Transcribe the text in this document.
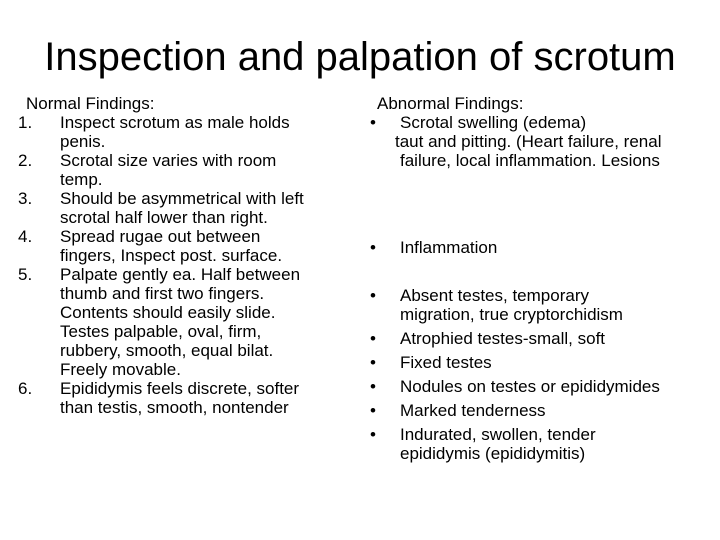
Inspection and palpation of scrotum
Normal Findings:
1. Inspect scrotum as male holds
penis.
2. Scrotal size varies with room
temp.
3. Should be asymmetrical with left
scrotal half lower than right.
4. Spread rugae out between
fingers, Inspect post. surface.
5. Palpate gently ea. Half between
thumb and first two fingers.
Contents should easily slide.
Testes palpable, oval, firm,
rubbery, smooth, equal bilat.
Freely movable.
6. Epididymis feels discrete, softer
than testis, smooth, nontender
Abnormal Findings:
• Scrotal swelling (edema)
taut and pitting. (Heart failure, renal
failure, local inflammation. Lesions
• Inflammation
• Absent testes, temporary
migration, true cryptorchidism
• Atrophied testes-small, soft
• Fixed testes
• Nodules on testes or epididymides
• Marked tenderness
• Indurated, swollen, tender
epididymis (epididymitis)
